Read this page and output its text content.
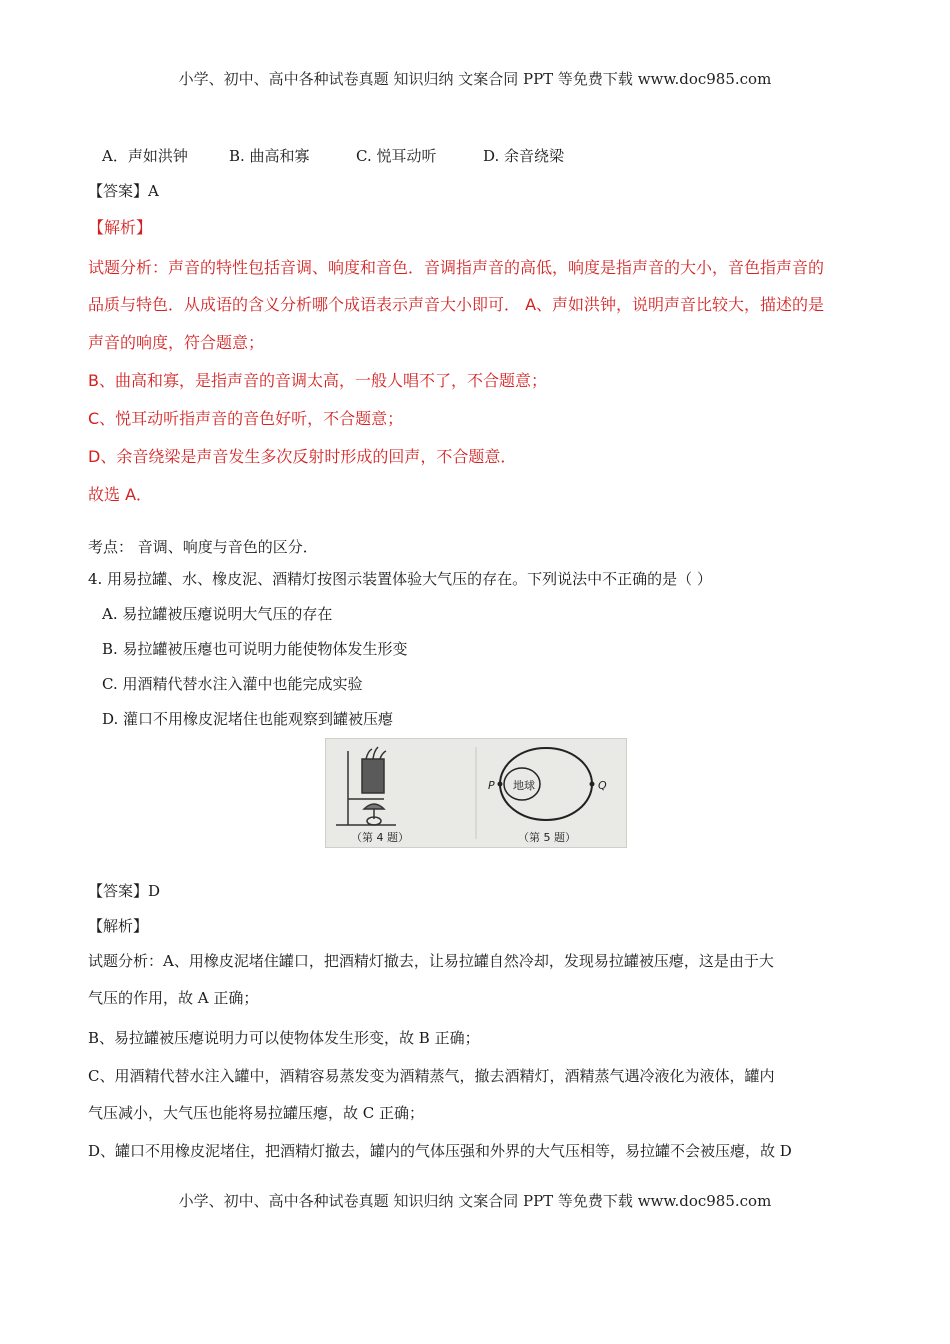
小学、初中、高中各种试卷真题 知识归纳 文案合同 PPT 等免费下载 www.doc985.com
A．声如洪钟	B. 曲高和寡	C. 悦耳动听	D. 余音绕梁
【答案】A
【解析】
试题分析：声音的特性包括音调、响度和音色．音调指声音的高低，响度是指声音的大小，音色指声音的
品质与特色．从成语的含义分析哪个成语表示声音大小即可． A、声如洪钟，说明声音比较大，描述的是
声音的响度，符合题意；
B、曲高和寡，是指声音的音调太高，一般人唱不了，不合题意；
C、悦耳动听指声音的音色好听，不合题意；
D、余音绕梁是声音发生多次反射时形成的回声，不合题意．
故选 A．
考点： 音调、响度与音色的区分．
4. 用易拉罐、水、橡皮泥、酒精灯按图示装置体验大气压的存在。下列说法中不正确的是（ ）
A. 易拉罐被压瘪说明大气压的存在
B. 易拉罐被压瘪也可说明力能使物体发生形变
C. 用酒精代替水注入灌中也能完成实验
D. 灌口不用橡皮泥堵住也能观察到罐被压瘪
（第 4 题）
地球
P	Q
（第 5 题）
【答案】D
【解析】
试题分析：A、用橡皮泥堵住罐口，把酒精灯撤去，让易拉罐自然冷却，发现易拉罐被压瘪，这是由于大
气压的作用，故 A 正确；
B、易拉罐被压瘪说明力可以使物体发生形变，故 B 正确；
C、用酒精代替水注入罐中，酒精容易蒸发变为酒精蒸气，撤去酒精灯，酒精蒸气遇冷液化为液体，罐内
气压减小，大气压也能将易拉罐压瘪，故 C 正确；
D、罐口不用橡皮泥堵住，把酒精灯撤去，罐内的气体压强和外界的大气压相等，易拉罐不会被压瘪，故 D
小学、初中、高中各种试卷真题 知识归纳 文案合同 PPT 等免费下载 www.doc985.com
